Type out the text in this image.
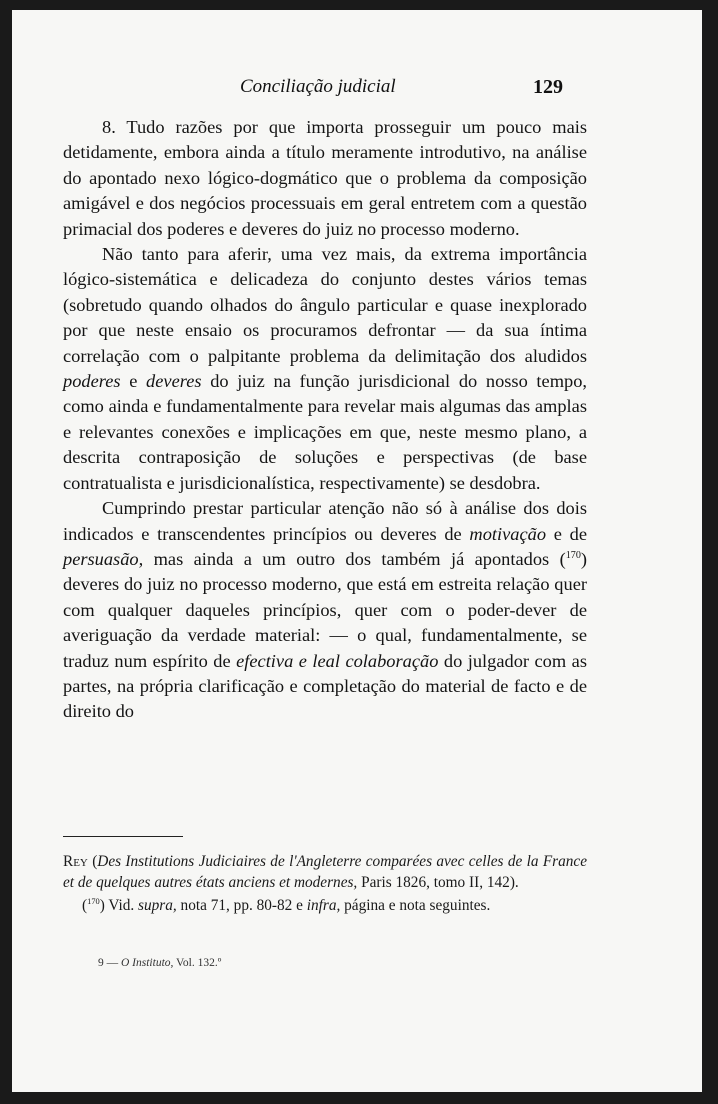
Conciliação judicial	129

8. Tudo razões por que importa prosseguir um pouco mais detidamente, embora ainda a título meramente introdutivo, na análise do apontado nexo lógico-dogmático que o problema da composição amigável e dos negócios processuais em geral entretem com a questão primacial dos poderes e deveres do juiz no processo moderno.

Não tanto para aferir, uma vez mais, da extrema importância lógico-sistemática e delicadeza do conjunto destes vários temas (sobretudo quando olhados do ângulo particular e quase inexplorado por que neste ensaio os procuramos defrontar — da sua íntima correlação com o palpitante problema da delimitação dos aludidos poderes e deveres do juiz na função jurisdicional do nosso tempo, como ainda e fundamentalmente para revelar mais algumas das amplas e relevantes conexões e implicações em que, neste mesmo plano, a descrita contraposição de soluções e perspectivas (de base contratualista e jurisdicionalística, respectivamente) se desdobra.

Cumprindo prestar particular atenção não só à análise dos dois indicados e transcendentes princípios ou deveres de motivação e de persuasão, mas ainda a um outro dos também já apontados ($^{170}$) deveres do juiz no processo moderno, que está em estreita relação quer com qualquer daqueles princípios, quer com o poder-dever de averiguação da verdade material: — o qual, fundamentalmente, se traduz num espírito de efectiva e leal colaboração do julgador com as partes, na própria clarificação e completação do material de facto e de direito do

Rey (Des Institutions Judiciaires de l'Angleterre comparées avec celles de la France et de quelques autres états anciens et modernes, Paris 1826, tomo II, 142).

($^{170}$) Vid. supra, nota 71, pp. 80-82 e infra, página e nota seguintes.

9 — O Instituto, Vol. 132.º
